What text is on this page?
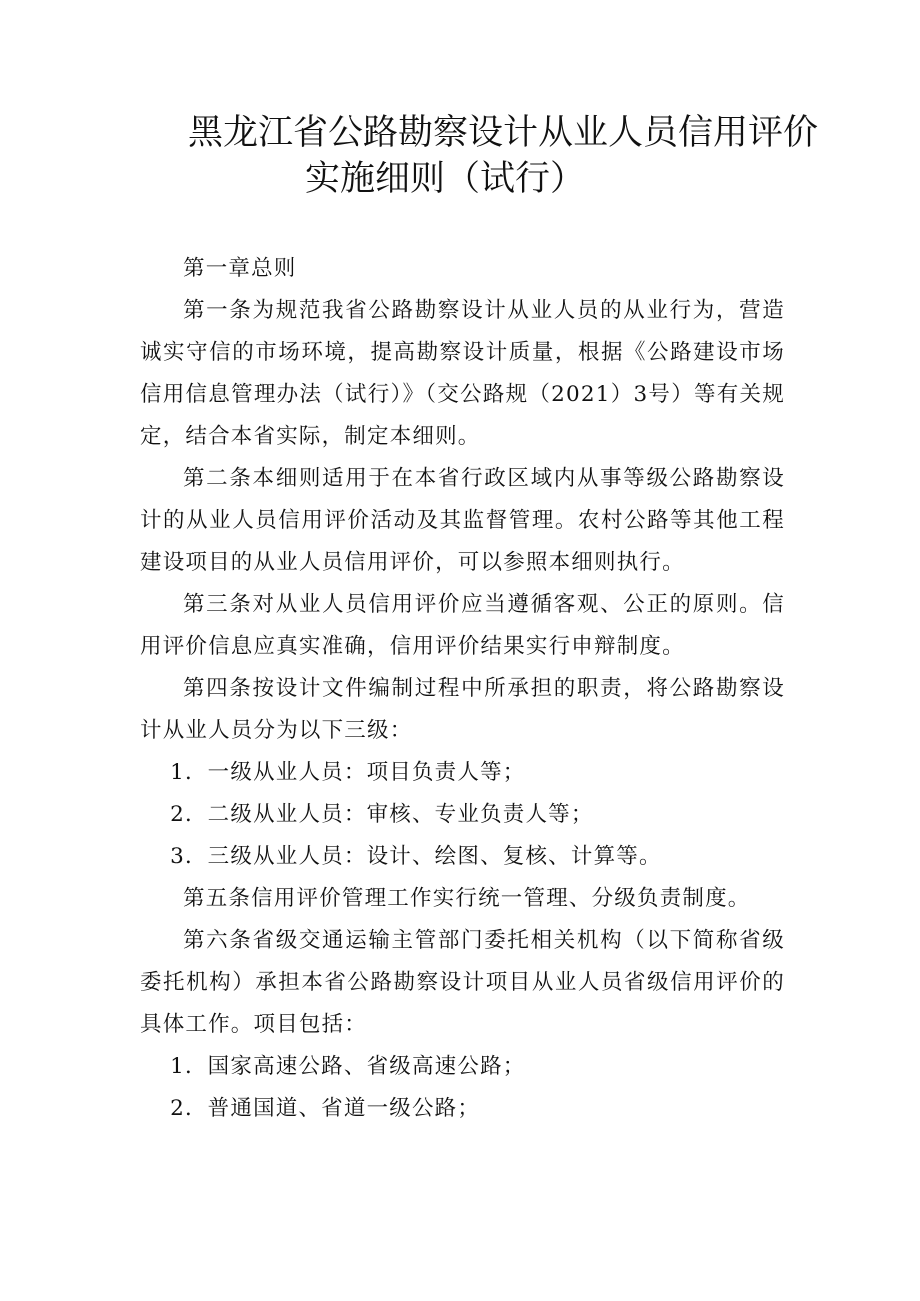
黑龙江省公路勘察设计从业人员信用评价
实施细则（试行）

第一章总则

第一条为规范我省公路勘察设计从业人员的从业行为，营造诚实守信的市场环境，提高勘察设计质量，根据《公路建设市场信用信息管理办法（试行）》（交公路规（2021）3号）等有关规定，结合本省实际，制定本细则。

第二条本细则适用于在本省行政区域内从事等级公路勘察设计的从业人员信用评价活动及其监督管理。农村公路等其他工程建设项目的从业人员信用评价，可以参照本细则执行。

第三条对从业人员信用评价应当遵循客观、公正的原则。信用评价信息应真实准确，信用评价结果实行申辩制度。

第四条按设计文件编制过程中所承担的职责，将公路勘察设计从业人员分为以下三级：

1．一级从业人员：项目负责人等；

2．二级从业人员：审核、专业负责人等；

3．三级从业人员：设计、绘图、复核、计算等。

第五条信用评价管理工作实行统一管理、分级负责制度。

第六条省级交通运输主管部门委托相关机构（以下简称省级委托机构）承担本省公路勘察设计项目从业人员省级信用评价的具体工作。项目包括：

1．国家高速公路、省级高速公路；

2．普通国道、省道一级公路；
